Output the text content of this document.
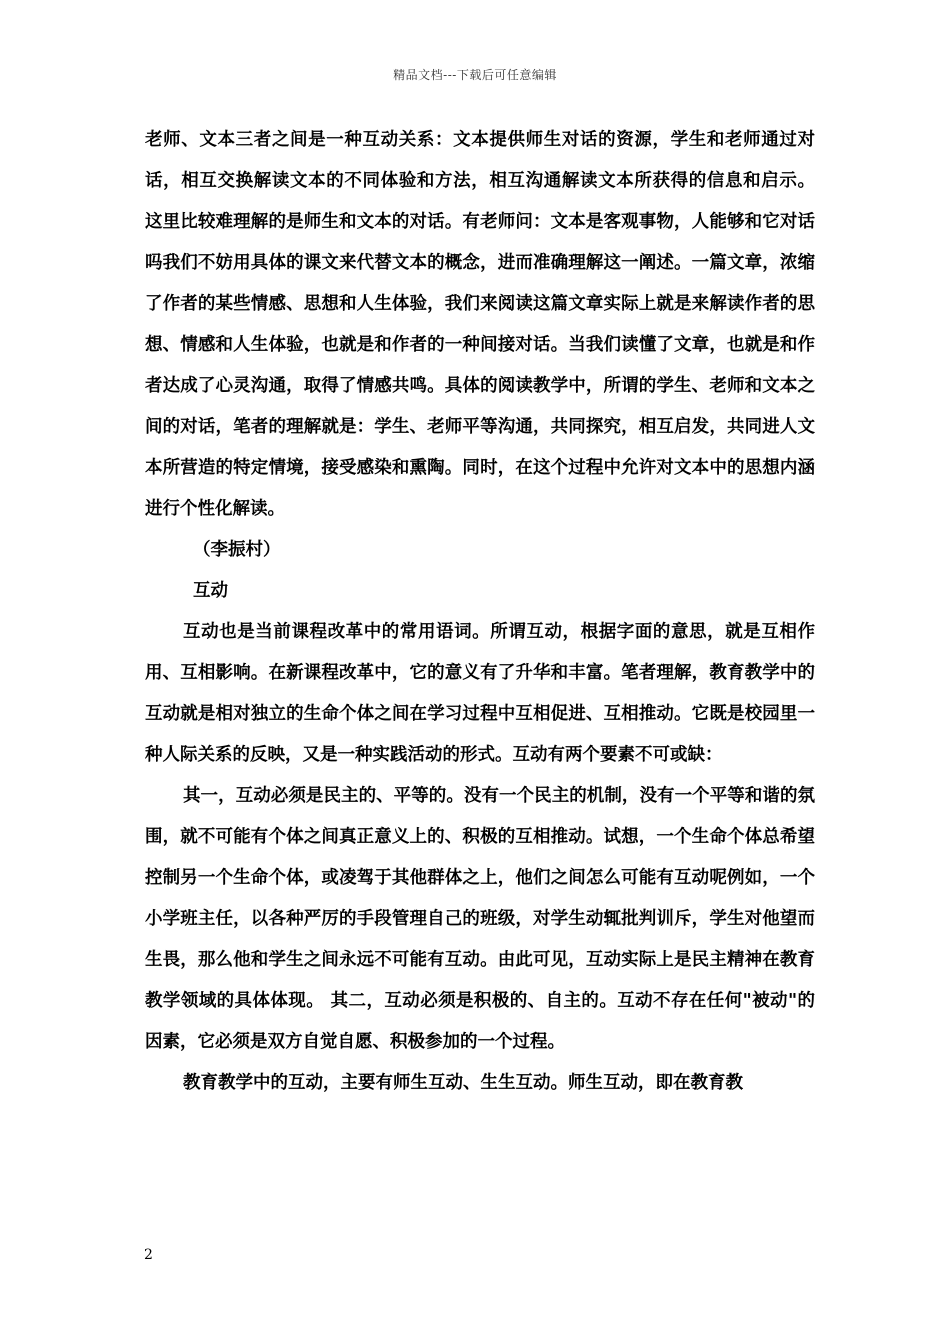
精品文档---下载后可任意编辑

老师、文本三者之间是一种互动关系：文本提供师生对话的资源，学生和老师通过对话，相互交换解读文本的不同体验和方法，相互沟通解读文本所获得的信息和启示。 这里比较难理解的是师生和文本的对话。有老师问：文本是客观事物，人能够和它对话吗我们不妨用具体的课文来代替文本的概念，进而准确理解这一阐述。一篇文章，浓缩了作者的某些情感、思想和人生体验，我们来阅读这篇文章实际上就是来解读作者的思想、情感和人生体验，也就是和作者的一种间接对话。当我们读懂了文章，也就是和作者达成了心灵沟通，取得了情感共鸣。具体的阅读教学中，所谓的学生、老师和文本之间的对话，笔者的理解就是：学生、老师平等沟通，共同探究，相互启发，共同进人文本所营造的特定情境，接受感染和熏陶。同时，在这个过程中允许对文本中的思想内涵进行个性化解读。

（李振村）

互动

互动也是当前课程改革中的常用语词。所谓互动，根据字面的意思，就是互相作用、互相影响。在新课程改革中，它的意义有了升华和丰富。笔者理解，教育教学中的互动就是相对独立的生命个体之间在学习过程中互相促进、互相推动。它既是校园里一种人际关系的反映，又是一种实践活动的形式。互动有两个要素不可或缺：

其一，互动必须是民主的、平等的。没有一个民主的机制，没有一个平等和谐的氛围，就不可能有个体之间真正意义上的、积极的互相推动。试想，一个生命个体总希望控制另一个生命个体，或凌驾于其他群体之上，他们之间怎么可能有互动呢例如，一个小学班主任，以各种严厉的手段管理自己的班级，对学生动辄批判训斥，学生对他望而生畏，那么他和学生之间永远不可能有互动。由此可见，互动实际上是民主精神在教育教学领域的具体体现。 其二，互动必须是积极的、自主的。互动不存在任何"被动"的因素，它必须是双方自觉自愿、积极参加的一个过程。

教育教学中的互动，主要有师生互动、生生互动。师生互动，即在教育教

2
